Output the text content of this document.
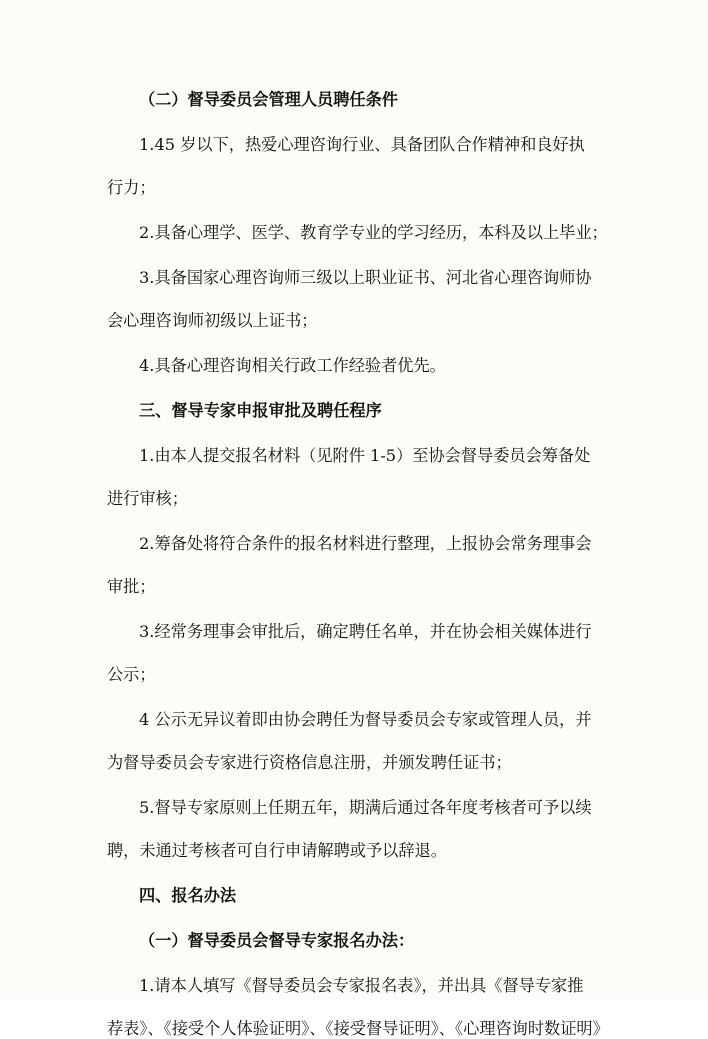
（二）督导委员会管理人员聘任条件
1.45 岁以下，热爱心理咨询行业、具备团队合作精神和良好执
行力；
2.具备心理学、医学、教育学专业的学习经历，本科及以上毕业；
3.具备国家心理咨询师三级以上职业证书、河北省心理咨询师协
会心理咨询师初级以上证书；
4.具备心理咨询相关行政工作经验者优先。
三、督导专家申报审批及聘任程序
1.由本人提交报名材料（见附件 1-5）至协会督导委员会筹备处
进行审核；
2.筹备处将符合条件的报名材料进行整理，上报协会常务理事会
审批；
3.经常务理事会审批后，确定聘任名单，并在协会相关媒体进行
公示；
4 公示无异议着即由协会聘任为督导委员会专家或管理人员，并
为督导委员会专家进行资格信息注册，并颁发聘任证书；
5.督导专家原则上任期五年，期满后通过各年度考核者可予以续
聘，未通过考核者可自行申请解聘或予以辞退。
四、报名办法
（一）督导委员会督导专家报名办法：
1.请本人填写《督导委员会专家报名表》，并出具《督导专家推
荐表》、《接受个人体验证明》、《接受督导证明》、《心理咨询时数证明》
